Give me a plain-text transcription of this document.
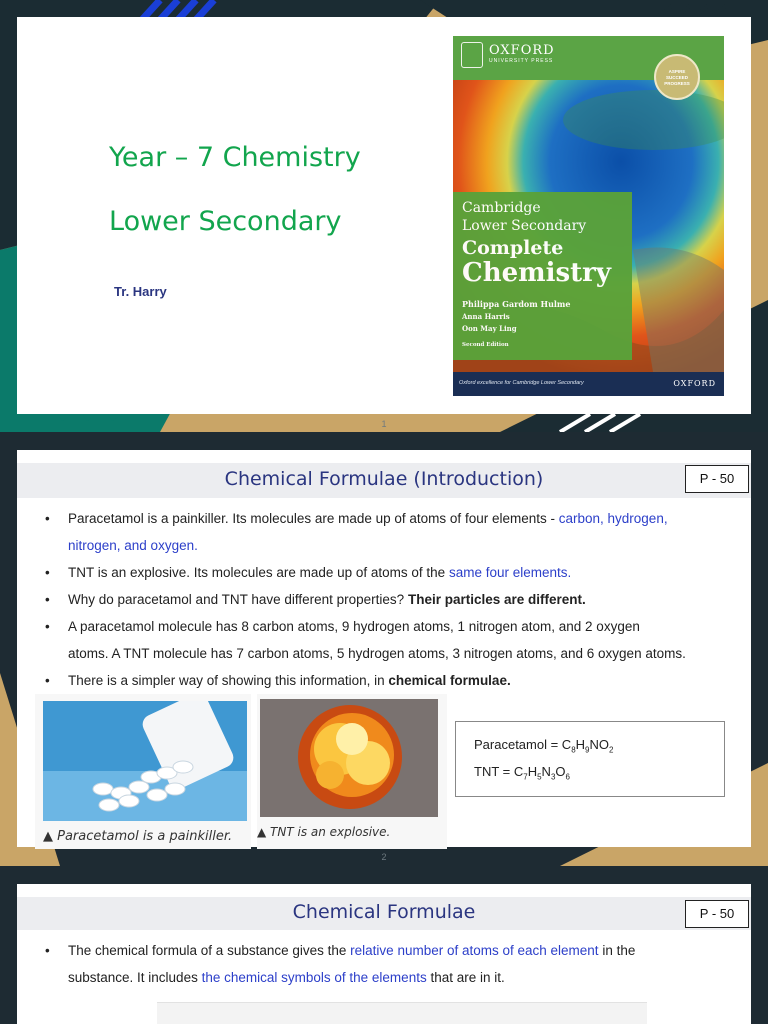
Year – 7 Chemistry
Lower Secondary
Tr. Harry
OXFORD
UNIVERSITY PRESS
ASPIRE
SUCCEED
PROGRESS
Cambridge
Lower Secondary
Complete
Chemistry
Philippa Gardom Hulme
Anna Harris
Oon May Ling
Second Edition
Oxford excellence for Cambridge Lower Secondary	OXFORD
1
Chemical Formulae (Introduction)	P - 50
• Paracetamol is a painkiller. Its molecules are made up of atoms of four elements - carbon, hydrogen,
nitrogen, and oxygen.
• TNT is an explosive. Its molecules are made up of atoms of the same four elements.
• Why do paracetamol and TNT have different properties? Their particles are different.
• A paracetamol molecule has 8 carbon atoms, 9 hydrogen atoms, 1 nitrogen atom, and 2 oxygen
atoms. A TNT molecule has 7 carbon atoms, 5 hydrogen atoms, 3 nitrogen atoms, and 6 oxygen atoms.
• There is a simpler way of showing this information, in chemical formulae.
▲ Paracetamol is a painkiller. ▲ TNT is an explosive.
Paracetamol = $C_8H_9NO_2$
TNT = $C_7H_5N_3O_6$
2
Chemical Formulae	P - 50
• The chemical formula of a substance gives the relative number of atoms of each element in the
substance. It includes the chemical symbols of the elements that are in it.
